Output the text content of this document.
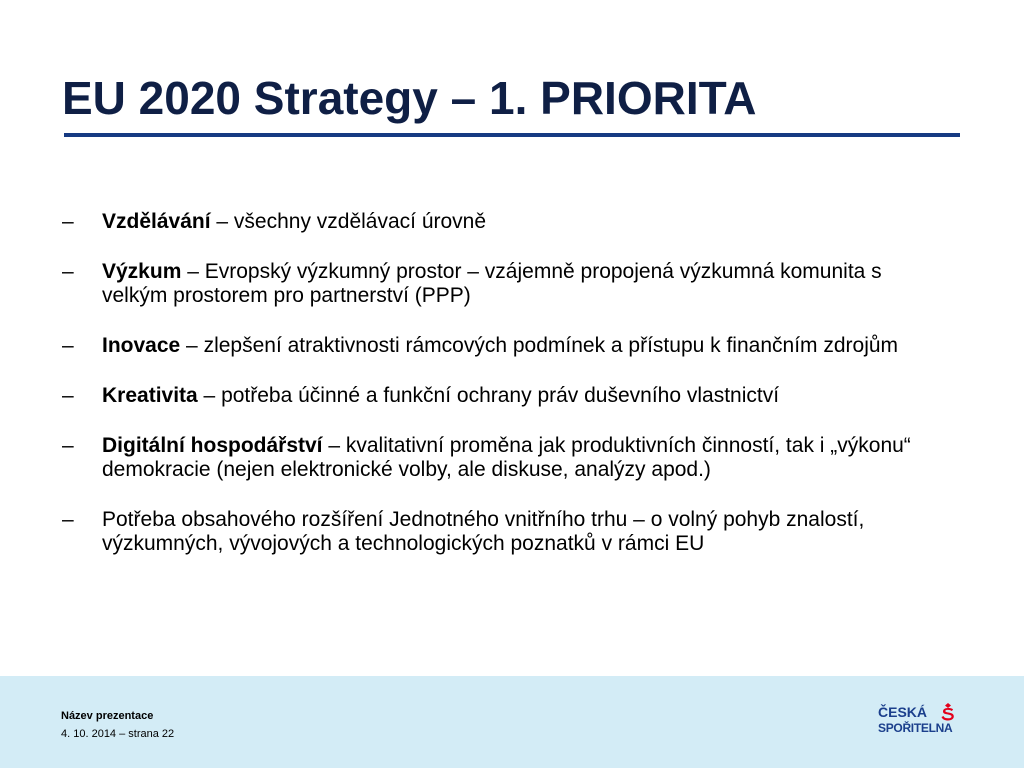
EU 2020 Strategy – 1. PRIORITA
– Vzdělávání – všechny vzdělávací úrovně
– Výzkum – Evropský výzkumný prostor – vzájemně propojená výzkumná komunita s velkým prostorem pro partnerství (PPP)
– Inovace – zlepšení atraktivnosti rámcových podmínek a přístupu k finančním zdrojům
– Kreativita – potřeba účinné a funkční ochrany práv duševního vlastnictví
– Digitální hospodářství – kvalitativní proměna jak produktivních činností, tak i „výkonu“ demokracie (nejen elektronické volby, ale diskuse, analýzy apod.)
– Potřeba obsahového rozšíření Jednotného vnitřního trhu – o volný pohyb znalostí, výzkumných, vývojových a technologických poznatků v rámci EU
Název prezentace
4. 10. 2014 – strana 22
ČESKÁ
SPOŘITELNA
